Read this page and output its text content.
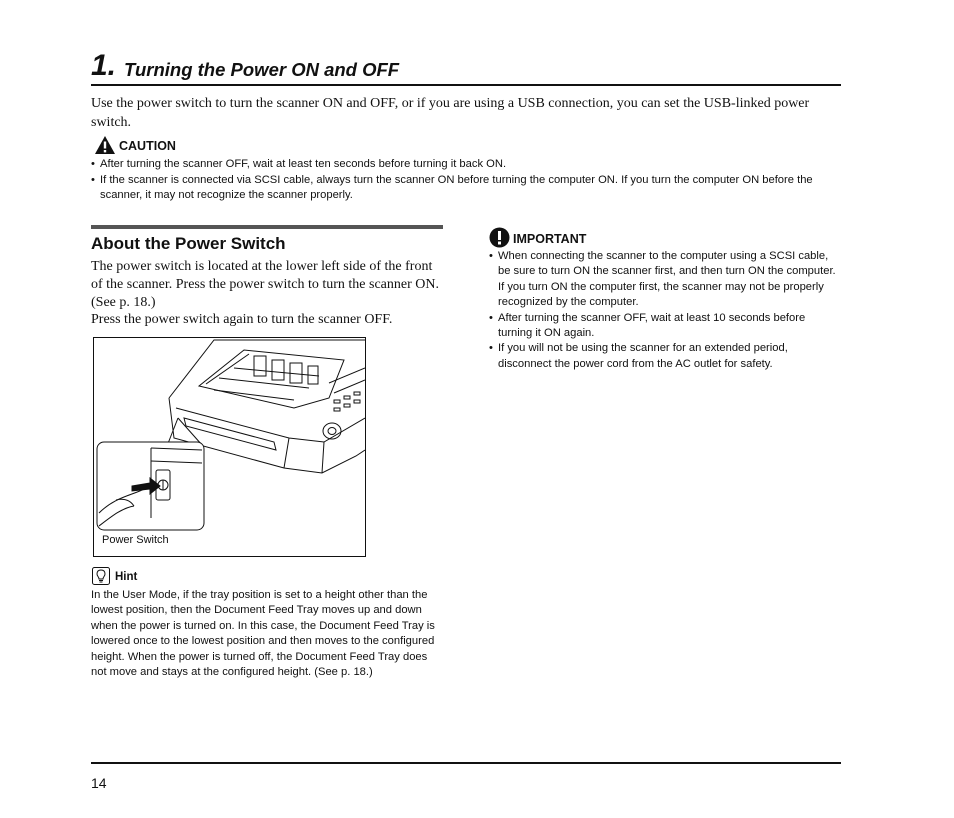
1. Turning the Power ON and OFF
Use the power switch to turn the scanner ON and OFF, or if you are using a USB connection, you can set the USB-linked power switch.
CAUTION
• After turning the scanner OFF, wait at least ten seconds before turning it back ON.
• If the scanner is connected via SCSI cable, always turn the scanner ON before turning the computer ON. If you turn the computer ON before the scanner, it may not recognize the scanner properly.
About the Power Switch

The power switch is located at the lower left side of the front of the scanner. Press the power switch to turn the scanner ON. (See p. 18.)

Press the power switch again to turn the scanner OFF.

Power Switch
Hint
In the User Mode, if the tray position is set to a height other than the lowest position, then the Document Feed Tray moves up and down when the power is turned on. In this case, the Document Feed Tray is lowered once to the lowest position and then moves to the configured height. When the power is turned off, the Document Feed Tray does not move and stays at the configured height. (See p. 18.)
IMPORTANT
• When connecting the scanner to the computer using a SCSI cable, be sure to turn ON the scanner first, and then turn ON the computer. If you turn ON the computer first, the scanner may not be properly recognized by the computer.
• After turning the scanner OFF, wait at least 10 seconds before turning it ON again.
• If you will not be using the scanner for an extended period, disconnect the power cord from the AC outlet for safety.
14
